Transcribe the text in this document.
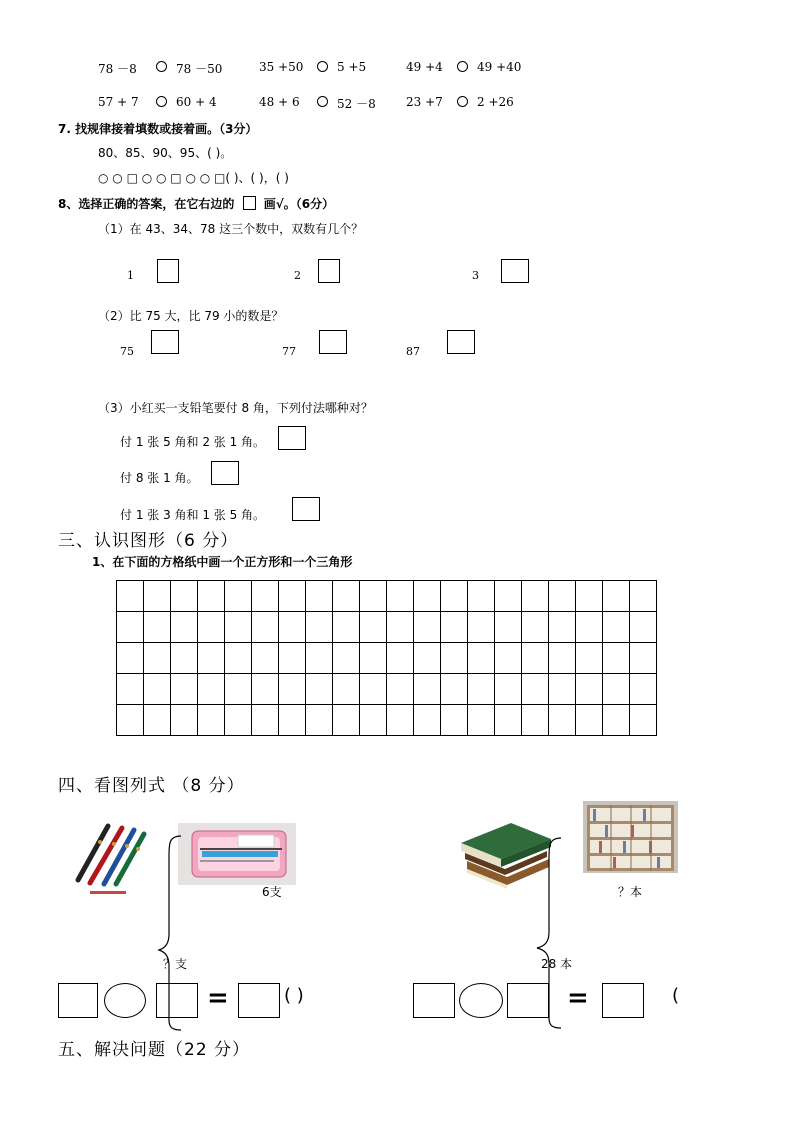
78 －8	78 －50	35 +50	5 +5	49 +4	49 +40
57 + 7	60 + 4	48 + 6	52 －8	23 +7	2 +26
7. 找规律接着填数或接着画。（3分）
80、85、90、95、( )。
○ ○ □ ○ ○ □ ○ ○ □( )、( )，( )
8、选择正确的答案，在它右边的 画√。（6分）
（1）在 43、34、78 这三个数中，双数有几个？
1	2	3
（2）比 75 大，比 79 小的数是？
75	77	87
（3）小红买一支铅笔要付 8 角，下列付法哪种对？
付 1 张 5 角和 2 张 1 角。
付 8 张 1 角。
付 1 张 3 角和 1 张 5 角。
三、认识图形（6 分）
1、在下面的方格纸中画一个正方形和一个三角形

四、看图列式 （8 分）
6支
？支
？本
28 本
=	( )	=	(
五、解决问题（22 分）
